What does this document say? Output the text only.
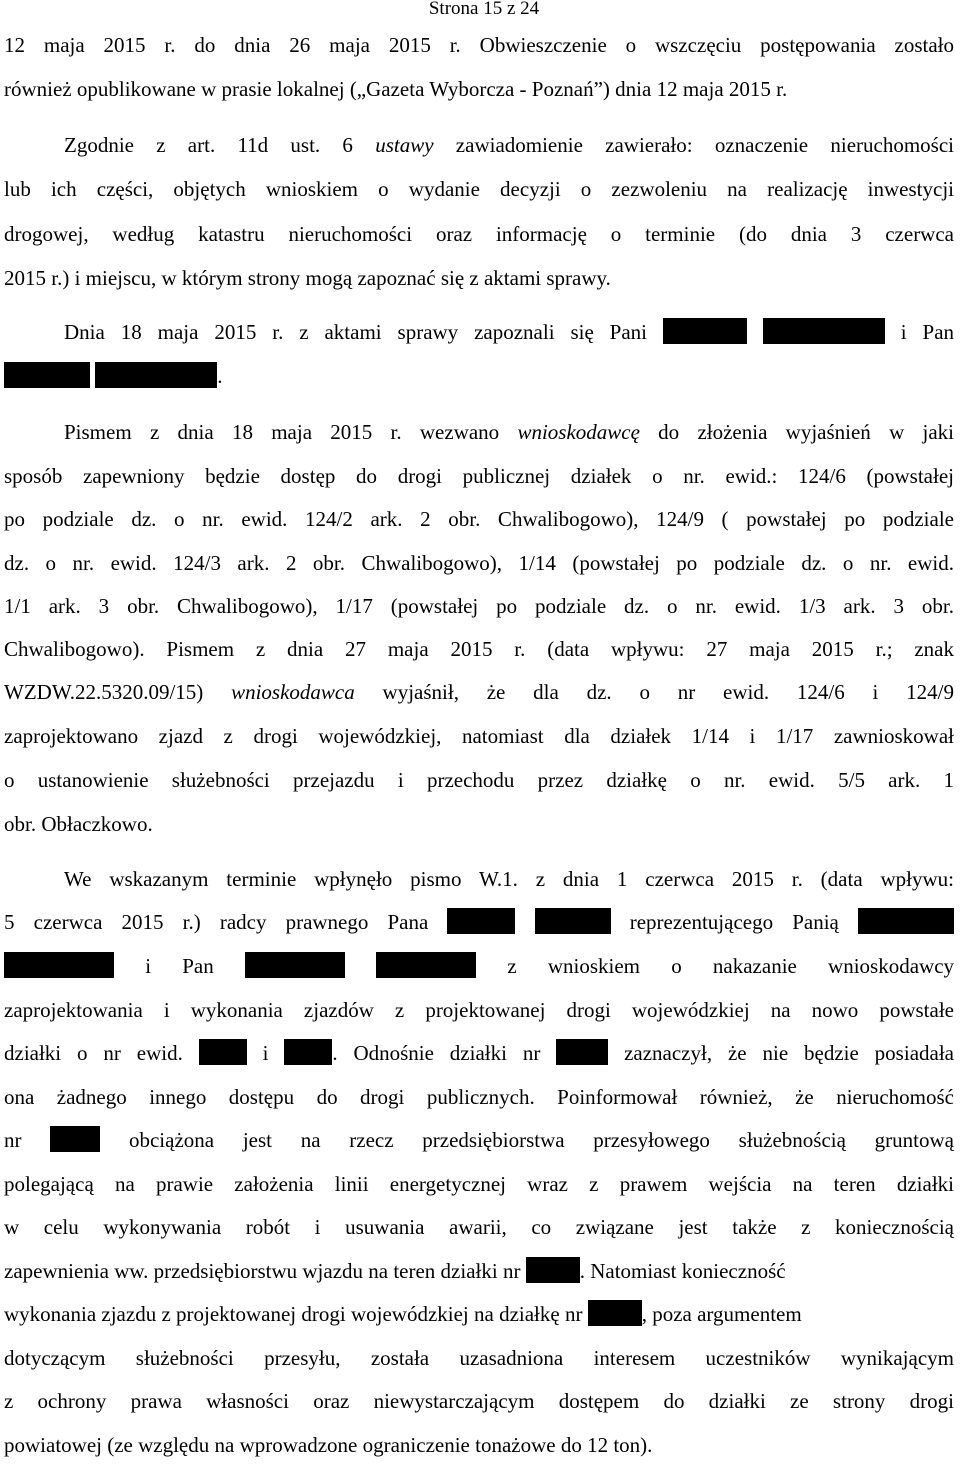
Strona 15 z 24
12 maja 2015 r. do dnia 26 maja 2015 r. Obwieszczenie o wszczęciu postępowania zostało
również opublikowane w prasie lokalnej („Gazeta Wyborcza - Poznań”) dnia 12 maja 2015 r.
Zgodnie z art. 11d ust. 6 ustawy zawiadomienie zawierało: oznaczenie nieruchomości
lub ich części, objętych wnioskiem o wydanie decyzji o zezwoleniu na realizację inwestycji
drogowej, według katastru nieruchomości oraz informację o terminie (do dnia 3 czerwca
2015 r.) i miejscu, w którym strony mogą zapoznać się z aktami sprawy.
Dnia 18 maja 2015 r. z aktami sprawy zapoznali się Pani	i Pan
.
Pismem z dnia 18 maja 2015 r. wezwano wnioskodawcę do złożenia wyjaśnień w jaki
sposób zapewniony będzie dostęp do drogi publicznej działek o nr. ewid.: 124/6 (powstałej
po podziale dz. o nr. ewid. 124/2 ark. 2 obr. Chwalibogowo), 124/9 ( powstałej po podziale
dz. o nr. ewid. 124/3 ark. 2 obr. Chwalibogowo), 1/14 (powstałej po podziale dz. o nr. ewid.
1/1 ark. 3 obr. Chwalibogowo), 1/17 (powstałej po podziale dz. o nr. ewid. 1/3 ark. 3 obr.
Chwalibogowo). Pismem z dnia 27 maja 2015 r. (data wpływu: 27 maja 2015 r.; znak
WZDW.22.5320.09/15) wnioskodawca wyjaśnił, że dla dz. o nr ewid. 124/6 i 124/9
zaprojektowano zjazd z drogi wojewódzkiej, natomiast dla działek 1/14 i 1/17 zawnioskował
o ustanowienie służebności przejazdu i przechodu przez działkę o nr. ewid. 5/5 ark. 1
obr. Obłaczkowo.
We wskazanym terminie wpłynęło pismo W.1. z dnia 1 czerwca 2015 r. (data wpływu:
5 czerwca 2015 r.) radcy prawnego Pana	reprezentującego Panią
i Pan	z wnioskiem o nakazanie wnioskodawcy
zaprojektowania i wykonania zjazdów z projektowanej drogi wojewódzkiej na nowo powstałe
działki o nr ewid.	i	. Odnośnie działki nr	zaznaczył, że nie będzie posiadała
ona żadnego innego dostępu do drogi publicznych. Poinformował również, że nieruchomość
nr	obciążona jest na rzecz przedsiębiorstwa przesyłowego służebnością gruntową
polegającą na prawie założenia linii energetycznej wraz z prawem wejścia na teren działki
w celu wykonywania robót i usuwania awarii, co związane jest także z koniecznością
zapewnienia ww. przedsiębiorstwu wjazdu na teren działki nr	. Natomiast konieczność
wykonania zjazdu z projektowanej drogi wojewódzkiej na działkę nr	, poza argumentem
dotyczącym służebności przesyłu, została uzasadniona interesem uczestników wynikającym
z ochrony prawa własności oraz niewystarczającym dostępem do działki ze strony drogi
powiatowej (ze względu na wprowadzone ograniczenie tonażowe do 12 ton).
